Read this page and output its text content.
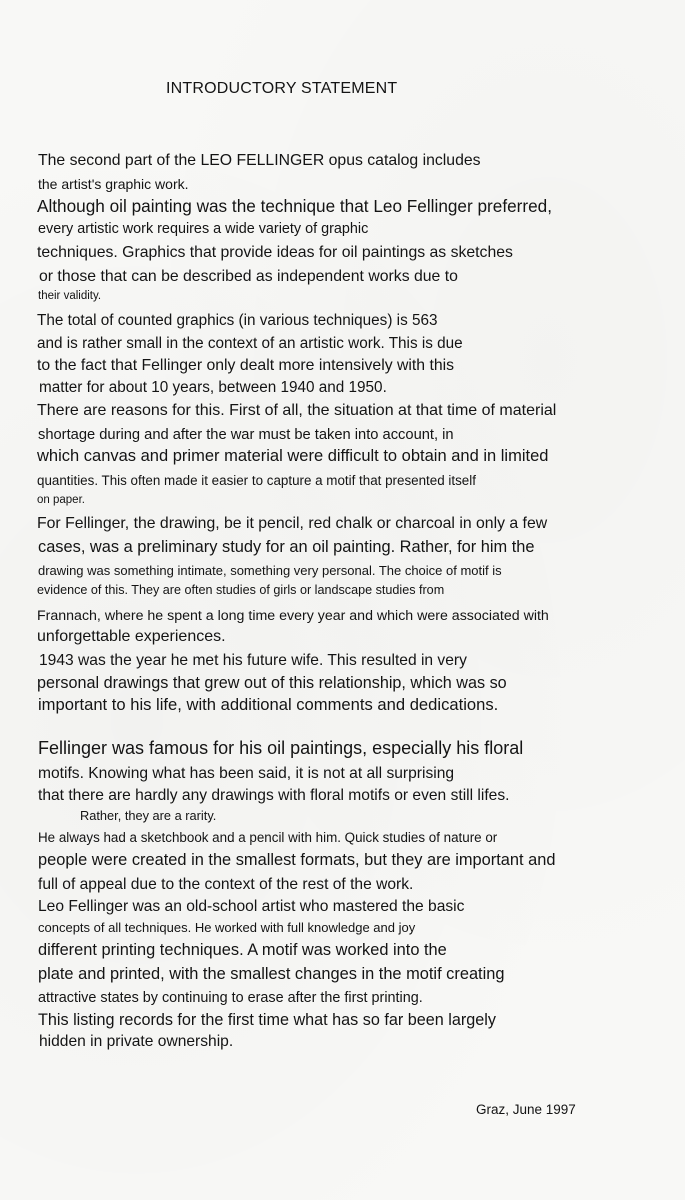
INTRODUCTORY STATEMENT
The second part of the LEO FELLINGER opus catalog includes
the artist's graphic work.
Although oil painting was the technique that Leo Fellinger preferred,
every artistic work requires a wide variety of graphic
techniques. Graphics that provide ideas for oil paintings as sketches
or those that can be described as independent works due to
their validity.
The total of counted graphics (in various techniques) is 563
and is rather small in the context of an artistic work. This is due
to the fact that Fellinger only dealt more intensively with this
matter for about 10 years, between 1940 and 1950.
There are reasons for this. First of all, the situation at that time of material
shortage during and after the war must be taken into account, in
which canvas and primer material were difficult to obtain and in limited
quantities. This often made it easier to capture a motif that presented itself
on paper.
For Fellinger, the drawing, be it pencil, red chalk or charcoal in only a few
cases, was a preliminary study for an oil painting. Rather, for him the
drawing was something intimate, something very personal. The choice of motif is
evidence of this. They are often studies of girls or landscape studies from
Frannach, where he spent a long time every year and which were associated with
unforgettable experiences.
1943 was the year he met his future wife. This resulted in very
personal drawings that grew out of this relationship, which was so
important to his life, with additional comments and dedications.
Fellinger was famous for his oil paintings, especially his floral
motifs. Knowing what has been said, it is not at all surprising
that there are hardly any drawings with floral motifs or even still lifes.
Rather, they are a rarity.
He always had a sketchbook and a pencil with him. Quick studies of nature or
people were created in the smallest formats, but they are important and
full of appeal due to the context of the rest of the work.
Leo Fellinger was an old-school artist who mastered the basic
concepts of all techniques. He worked with full knowledge and joy
different printing techniques. A motif was worked into the
plate and printed, with the smallest changes in the motif creating
attractive states by continuing to erase after the first printing.
This listing records for the first time what has so far been largely
hidden in private ownership.
Graz, June 1997
